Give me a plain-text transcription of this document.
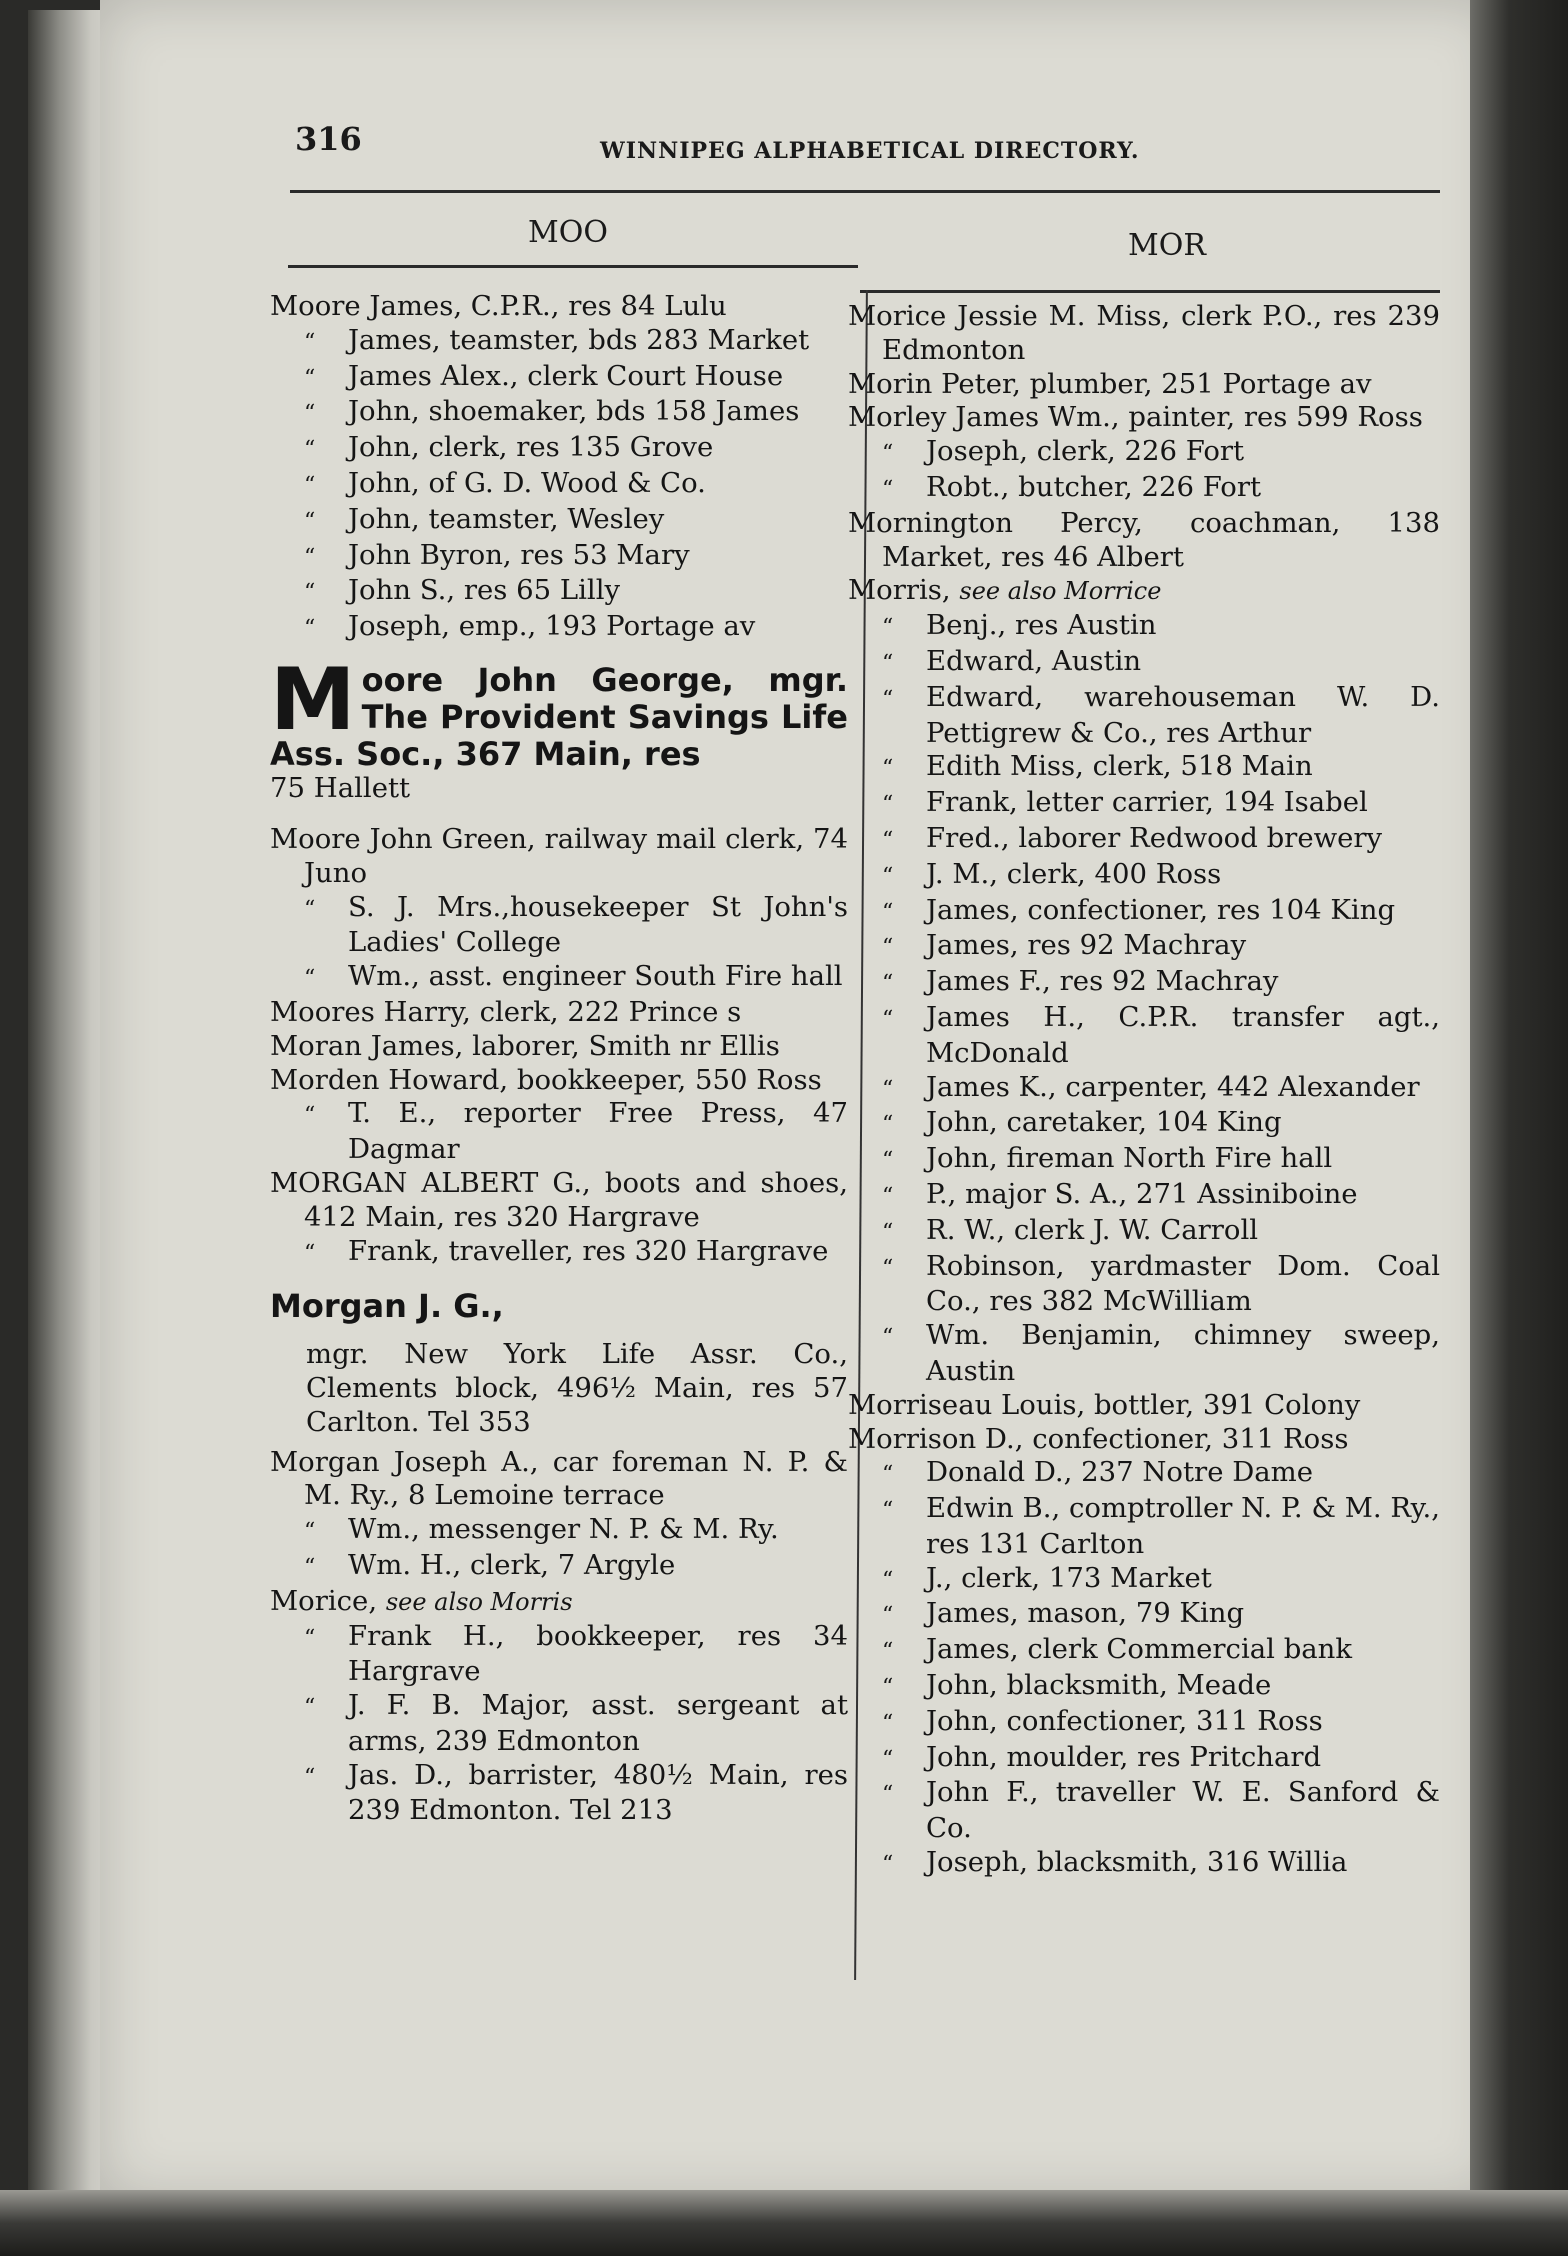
316	WINNIPEG ALPHABETICAL DIRECTORY.
MOO	MOR

Moore James, C.P.R., res 84 Lulu

“ James, teamster, bds 283 Market

“ James Alex., clerk Court House

“ John, shoemaker, bds 158 James

“ John, clerk, res 135 Grove

“ John, of G. D. Wood & Co.

“ John, teamster, Wesley

“ John Byron, res 53 Mary

“ John S., res 65 Lilly

“ Joseph, emp., 193 Portage av

Moore John George, mgr. The Provident Savings Life Ass. Soc., 367 Main, res
75 Hallett

Moore John Green, railway mail clerk, 74 Juno

“ S. J. Mrs.,housekeeper St John's Ladies' College

“ Wm., asst. engineer South Fire hall

Moores Harry, clerk, 222 Prince s

Moran James, laborer, Smith nr Ellis

Morden Howard, bookkeeper, 550 Ross

“ T. E., reporter Free Press, 47 Dagmar

MORGAN ALBERT G., boots and shoes, 412 Main, res 320 Hargrave

“ Frank, traveller, res 320 Hargrave

Morgan J. G.,
mgr. New York Life Assr. Co., Clements block, 496½ Main, res 57 Carlton. Tel 353

Morgan Joseph A., car foreman N. P. & M. Ry., 8 Lemoine terrace

“ Wm., messenger N. P. & M. Ry.

“ Wm. H., clerk, 7 Argyle

Morice, see also Morris

“ Frank H., bookkeeper, res 34 Hargrave

“ J. F. B. Major, asst. sergeant at arms, 239 Edmonton

“ Jas. D., barrister, 480½ Main, res 239 Edmonton. Tel 213

Morice Jessie M. Miss, clerk P.O., res 239 Edmonton

Morin Peter, plumber, 251 Portage av

Morley James Wm., painter, res 599 Ross

“ Joseph, clerk, 226 Fort

“ Robt., butcher, 226 Fort

Mornington Percy, coachman, 138 Market, res 46 Albert

Morris, see also Morrice

“ Benj., res Austin

“ Edward, Austin

“ Edward, warehouseman W. D. Pettigrew & Co., res Arthur

“ Edith Miss, clerk, 518 Main

“ Frank, letter carrier, 194 Isabel

“ Fred., laborer Redwood brewery

“ J. M., clerk, 400 Ross

“ James, confectioner, res 104 King

“ James, res 92 Machray

“ James F., res 92 Machray

“ James H., C.P.R. transfer agt., McDonald

“ James K., carpenter, 442 Alexander

“ John, caretaker, 104 King

“ John, fireman North Fire hall

“ P., major S. A., 271 Assiniboine

“ R. W., clerk J. W. Carroll

“ Robinson, yardmaster Dom. Coal Co., res 382 McWilliam

“ Wm. Benjamin, chimney sweep, Austin

Morriseau Louis, bottler, 391 Colony

Morrison D., confectioner, 311 Ross

“ Donald D., 237 Notre Dame

“ Edwin B., comptroller N. P. & M. Ry., res 131 Carlton

“ J., clerk, 173 Market

“ James, mason, 79 King

“ James, clerk Commercial bank

“ John, blacksmith, Meade

“ John, confectioner, 311 Ross

“ John, moulder, res Pritchard

“ John F., traveller W. E. Sanford & Co.

“ Joseph, blacksmith, 316 Willia
